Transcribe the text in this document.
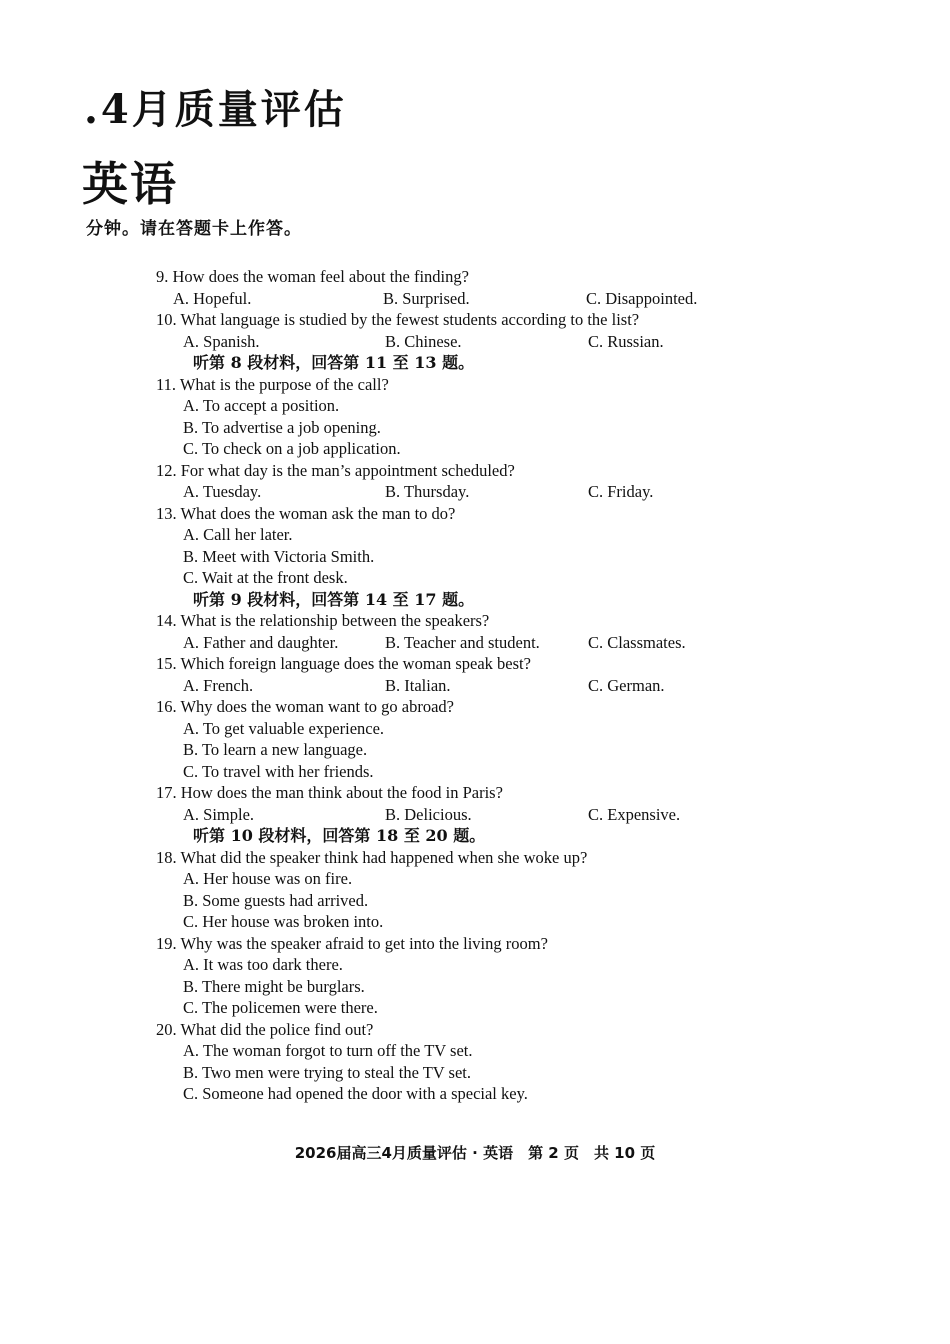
.4月质量评估
英语
分钟。请在答题卡上作答。
9. How does the woman feel about the finding?
A. Hopeful.	B. Surprised.	C. Disappointed.
10. What language is studied by the fewest students according to the list?
A. Spanish.	B. Chinese.	C. Russian.
听第 8 段材料，回答第 11 至 13 题。
11. What is the purpose of the call?
A. To accept a position.
B. To advertise a job opening.
C. To check on a job application.
12. For what day is the man’s appointment scheduled?
A. Tuesday.	B. Thursday.	C. Friday.
13. What does the woman ask the man to do?
A. Call her later.
B. Meet with Victoria Smith.
C. Wait at the front desk.
听第 9 段材料，回答第 14 至 17 题。
14. What is the relationship between the speakers?
A. Father and daughter.	B. Teacher and student.	C. Classmates.
15. Which foreign language does the woman speak best?
A. French.	B. Italian.	C. German.
16. Why does the woman want to go abroad?
A. To get valuable experience.
B. To learn a new language.
C. To travel with her friends.
17. How does the man think about the food in Paris?
A. Simple.	B. Delicious.	C. Expensive.
听第 10 段材料，回答第 18 至 20 题。
18. What did the speaker think had happened when she woke up?
A. Her house was on fire.
B. Some guests had arrived.
C. Her house was broken into.
19. Why was the speaker afraid to get into the living room?
A. It was too dark there.
B. There might be burglars.
C. The policemen were there.
20. What did the police find out?
A. The woman forgot to turn off the TV set.
B. Two men were trying to steal the TV set.
C. Someone had opened the door with a special key.
2026届高三4月质量评估 · 英语　第 2 页　共 10 页
